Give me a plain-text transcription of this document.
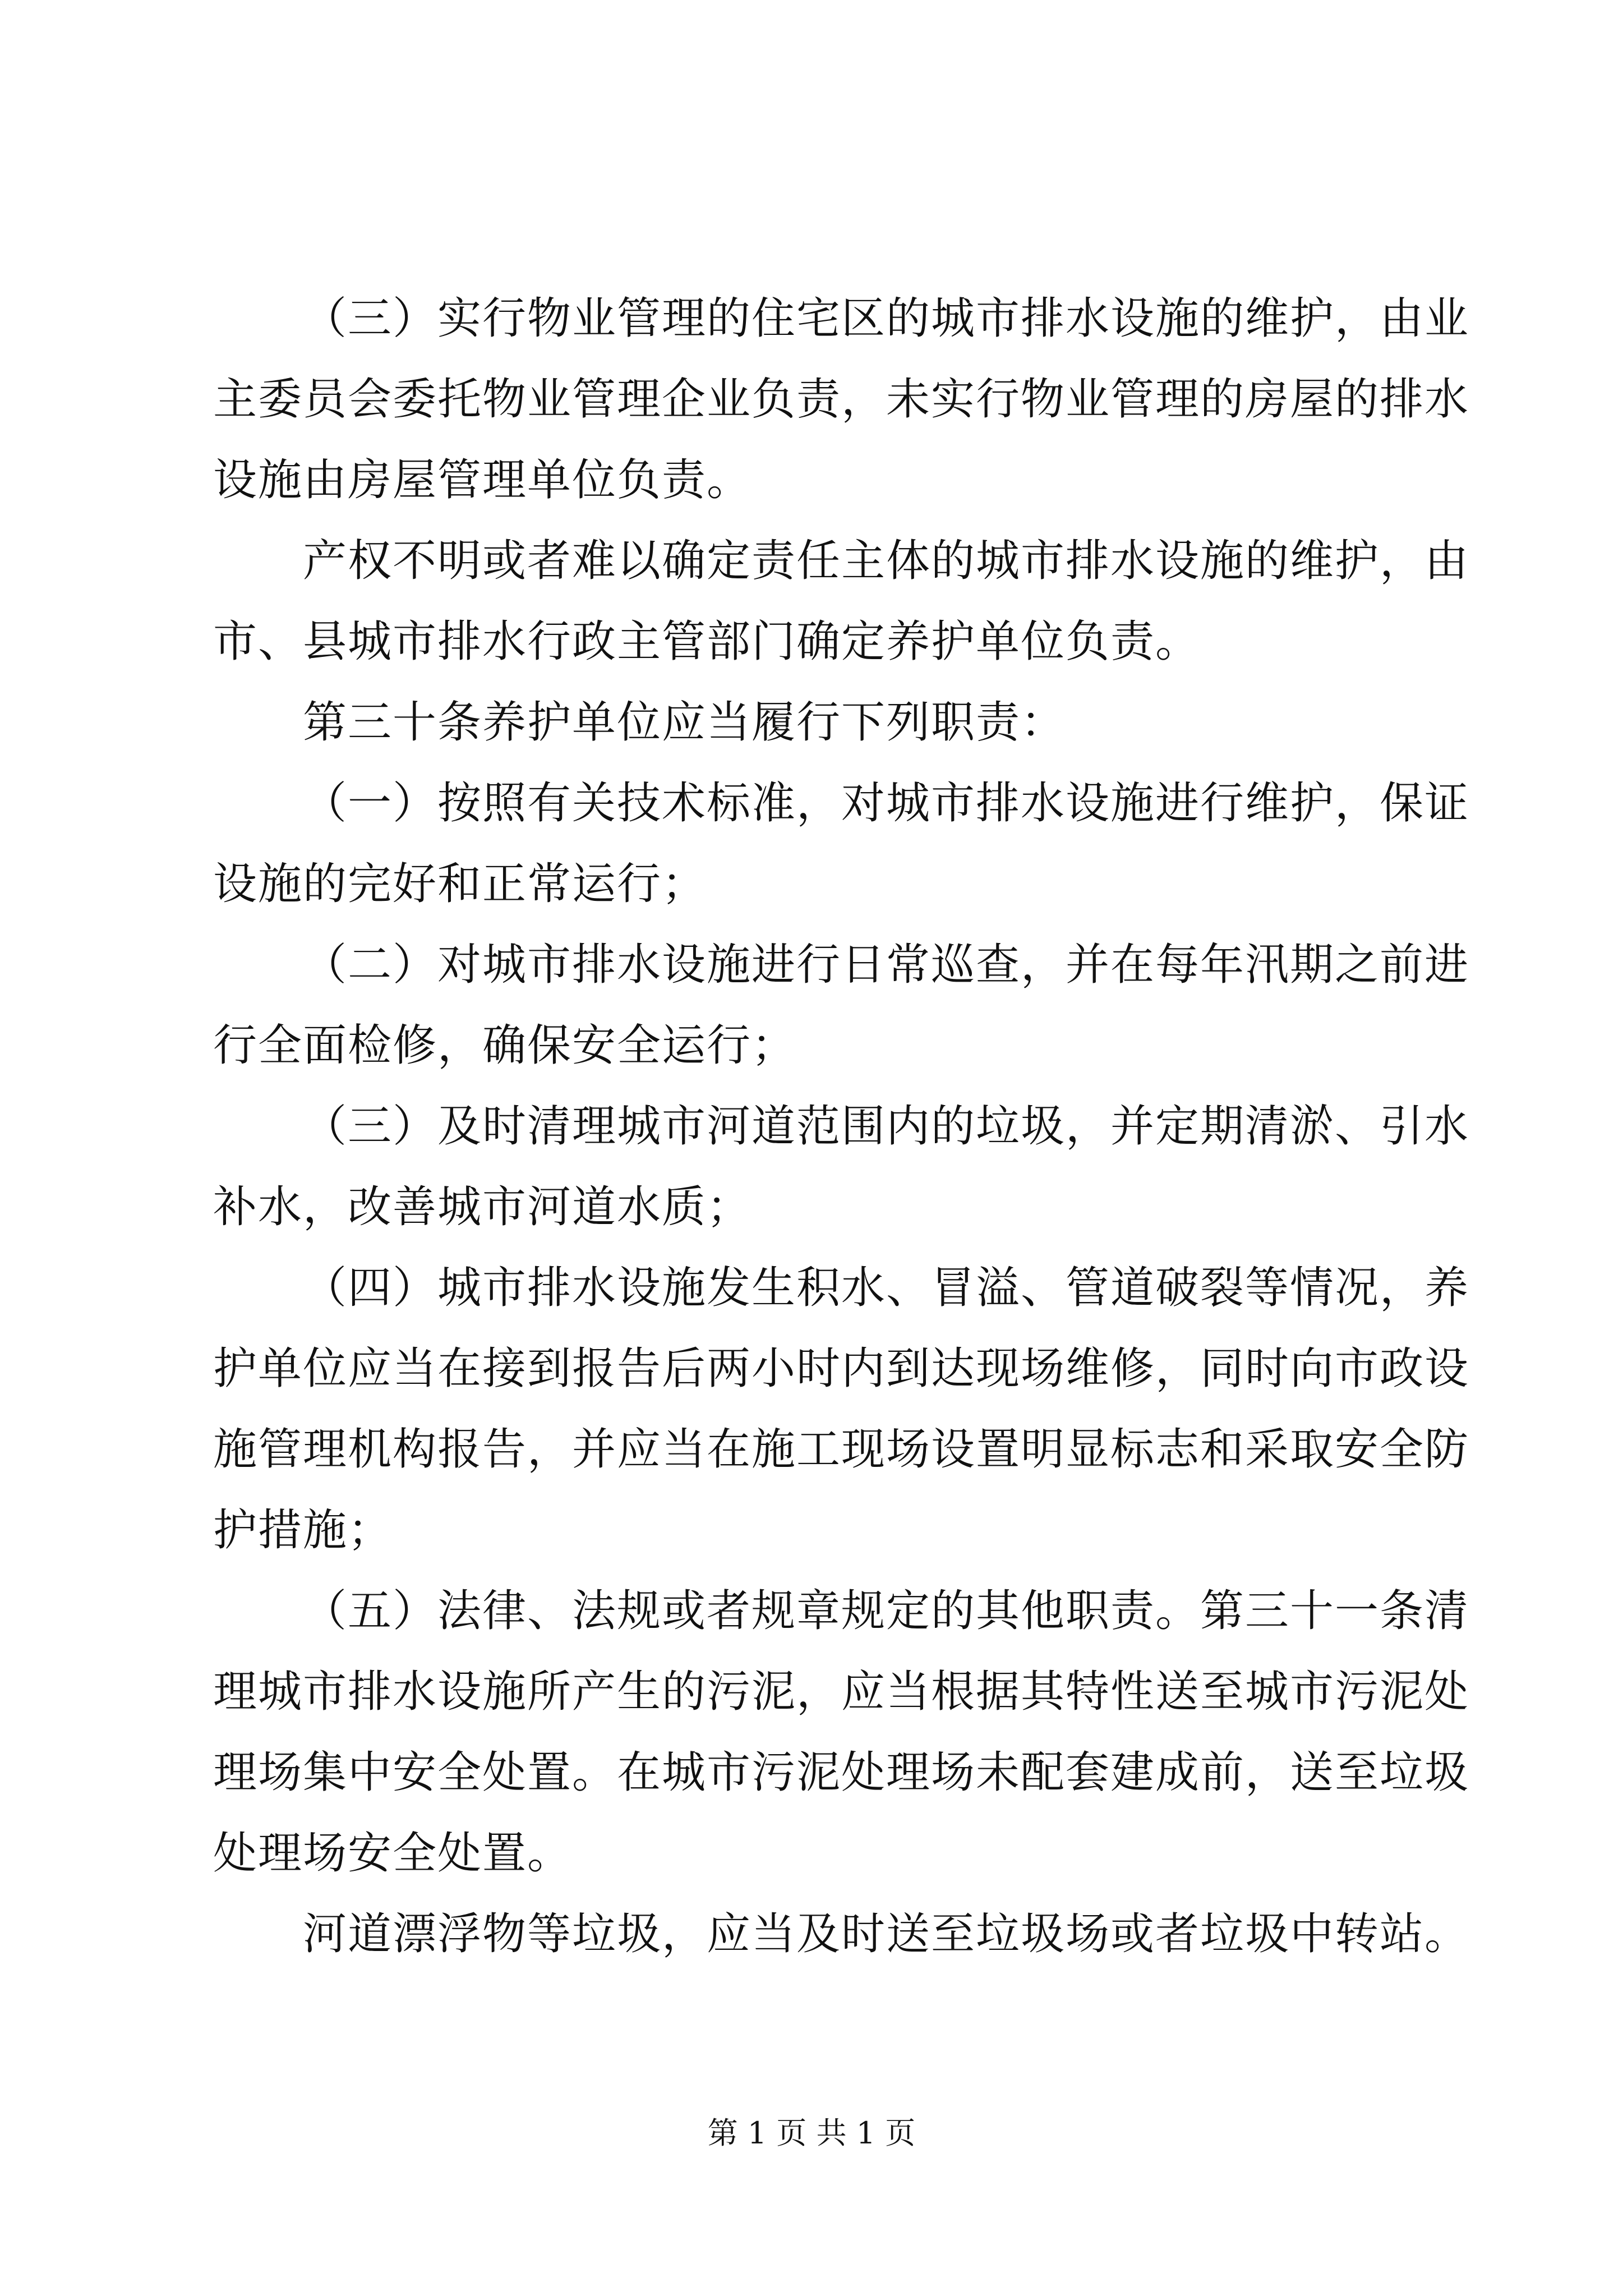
（三）实行物业管理的住宅区的城市排水设施的维护，由业
主委员会委托物业管理企业负责，未实行物业管理的房屋的排水
设施由房屋管理单位负责。
产权不明或者难以确定责任主体的城市排水设施的维护，由
市、县城市排水行政主管部门确定养护单位负责。
第三十条养护单位应当履行下列职责：
（一）按照有关技术标准，对城市排水设施进行维护，保证
设施的完好和正常运行；
（二）对城市排水设施进行日常巡查，并在每年汛期之前进
行全面检修，确保安全运行；
（三）及时清理城市河道范围内的垃圾，并定期清淤、引水
补水，改善城市河道水质；
（四）城市排水设施发生积水、冒溢、管道破裂等情况，养
护单位应当在接到报告后两小时内到达现场维修，同时向市政设
施管理机构报告，并应当在施工现场设置明显标志和采取安全防
护措施；
（五）法律、法规或者规章规定的其他职责。第三十一条清
理城市排水设施所产生的污泥，应当根据其特性送至城市污泥处
理场集中安全处置。在城市污泥处理场未配套建成前，送至垃圾
处理场安全处置。
河道漂浮物等垃圾，应当及时送至垃圾场或者垃圾中转站。
第 1 页 共 1 页
